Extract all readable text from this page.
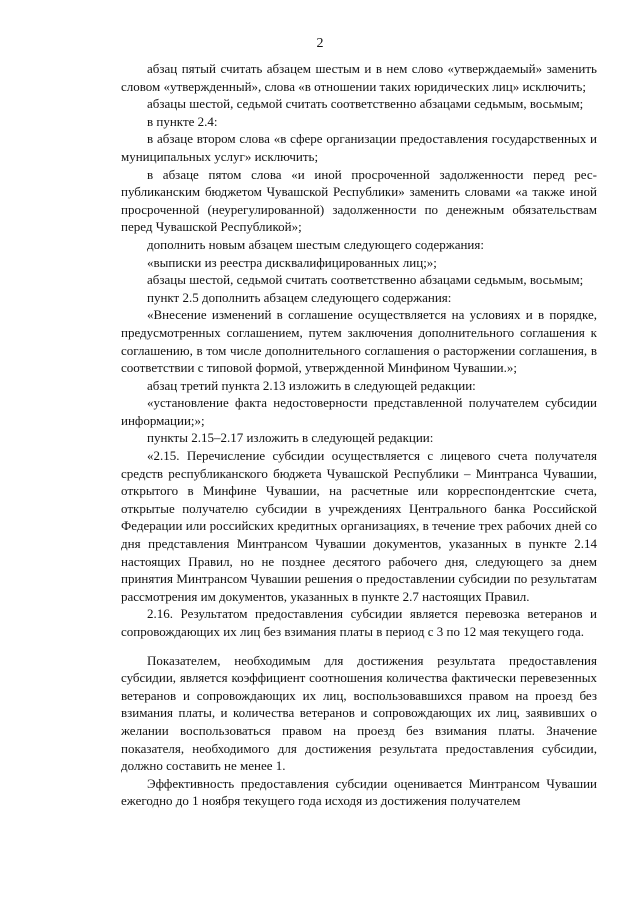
2

абзац пятый считать абзацем шестым и в нем слово «утверждаемый» заменить словом «утвержденный», слова «в отношении таких юридических лиц» исключить;

абзацы шестой, седьмой считать соответственно абзацами седьмым, восьмым;

в пункте 2.4:

в абзаце втором слова «в сфере организации предоставления государственных и муниципальных услуг» исключить;

в абзаце пятом слова «и иной просроченной задолженности перед республиканским бюджетом Чувашской Республики» заменить словами «а также иной просроченной (неурегулированной) задолженности по денежным обязательствам перед Чувашской Республикой»;

дополнить новым абзацем шестым следующего содержания:

«выписки из реестра дисквалифицированных лиц;»;

абзацы шестой, седьмой считать соответственно абзацами седьмым, восьмым;

пункт 2.5 дополнить абзацем следующего содержания:

«Внесение изменений в соглашение осуществляется на условиях и в порядке, предусмотренных соглашением, путем заключения дополнительного соглашения к соглашению, в том числе дополнительного соглашения о расторжении соглашения, в соответствии с типовой формой, утвержденной Минфином Чувашии.»;

абзац третий пункта 2.13 изложить в следующей редакции:

«установление факта недостоверности представленной получателем субсидии информации;»;

пункты 2.15–2.17 изложить в следующей редакции:

«2.15. Перечисление субсидии осуществляется с лицевого счета получателя средств республиканского бюджета Чувашской Республики – Минтранса Чувашии, открытого в Минфине Чувашии, на расчетные или корреспондентские счета, открытые получателю субсидии в учреждениях Центрального банка Российской Федерации или российских кредитных организациях, в течение трех рабочих дней со дня представления Минтрансом Чувашии документов, указанных в пункте 2.14 настоящих Правил, но не позднее десятого рабочего дня, следующего за днем принятия Минтрансом Чувашии решения о предоставлении субсидии по результатам рассмотрения им документов, указанных в пункте 2.7 настоящих Правил.

2.16. Результатом предоставления субсидии является перевозка ветеранов и сопровождающих их лиц без взимания платы в период с 3 по 12 мая текущего года.

Показателем, необходимым для достижения результата предоставления субсидии, является коэффициент соотношения количества фактически перевезенных ветеранов и сопровождающих их лиц, воспользовавшихся правом на проезд без взимания платы, и количества ветеранов и сопровождающих их лиц, заявивших о желании воспользоваться правом на проезд без взимания платы. Значение показателя, необходимого для достижения результата предоставления субсидии, должно составить не менее 1.

Эффективность предоставления субсидии оценивается Минтрансом Чувашии ежегодно до 1 ноября текущего года исходя из достижения получателем
